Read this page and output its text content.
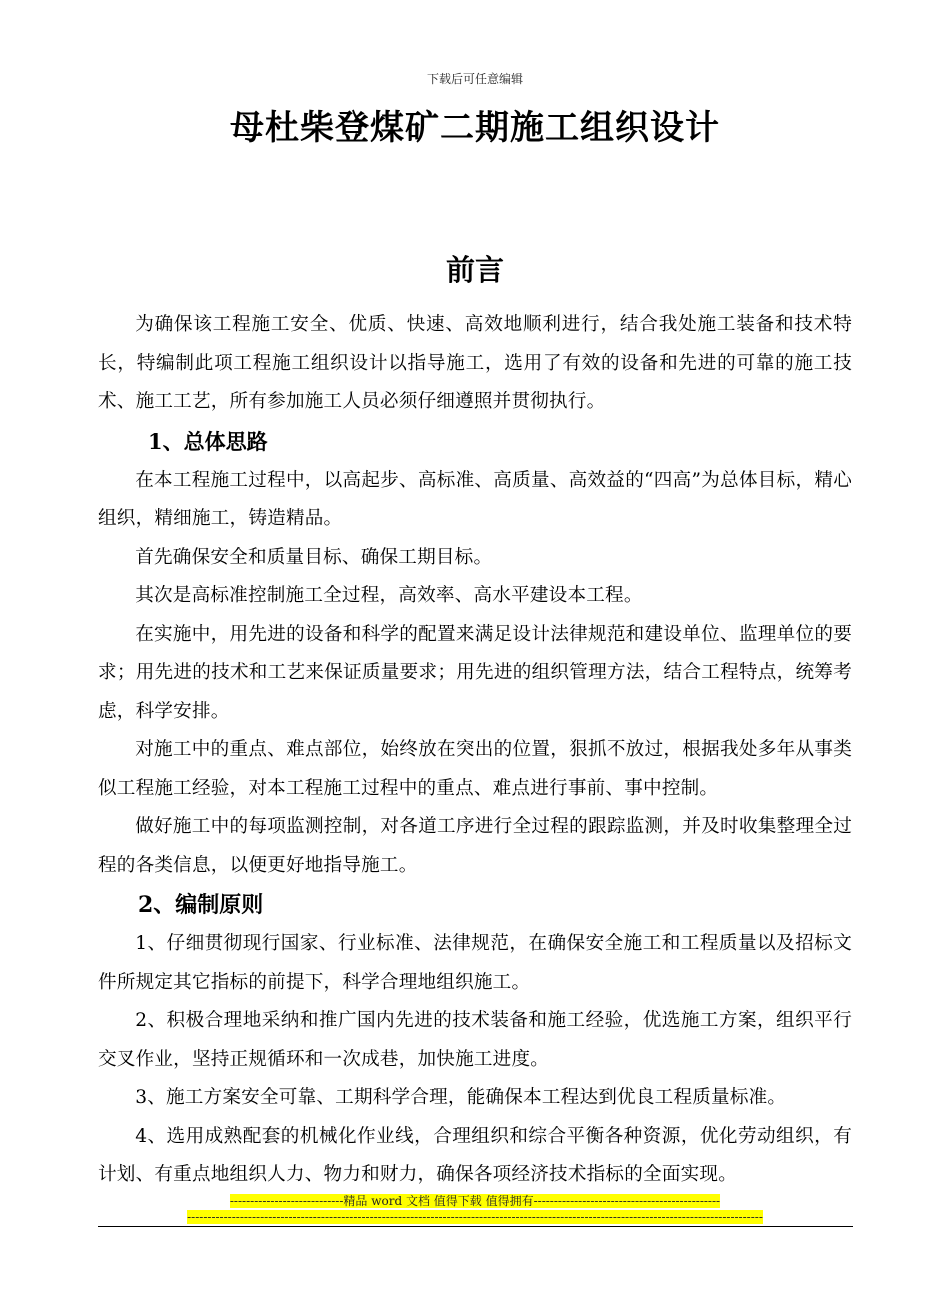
下载后可任意编辑
母杜柴登煤矿二期施工组织设计
前言

为确保该工程施工安全、优质、快速、高效地顺利进行，结合我处施工装备和技术特长，特编制此项工程施工组织设计以指导施工，选用了有效的设备和先进的可靠的施工技术、施工工艺，所有参加施工人员必须仔细遵照并贯彻执行。

1、总体思路

在本工程施工过程中，以高起步、高标准、高质量、高效益的“四高”为总体目标，精心组织，精细施工，铸造精品。

首先确保安全和质量目标、确保工期目标。

其次是高标准控制施工全过程，高效率、高水平建设本工程。

在实施中，用先进的设备和科学的配置来满足设计法律规范和建设单位、监理单位的要求；用先进的技术和工艺来保证质量要求；用先进的组织管理方法，结合工程特点，统筹考虑，科学安排。

对施工中的重点、难点部位，始终放在突出的位置，狠抓不放过，根据我处多年从事类似工程施工经验，对本工程施工过程中的重点、难点进行事前、事中控制。

做好施工中的每项监测控制，对各道工序进行全过程的跟踪监测，并及时收集整理全过程的各类信息，以便更好地指导施工。

2、编制原则

1、仔细贯彻现行国家、行业标准、法律规范，在确保安全施工和工程质量以及招标文件所规定其它指标的前提下，科学合理地组织施工。

2、积极合理地采纳和推广国内先进的技术装备和施工经验，优选施工方案，组织平行交叉作业，坚持正规循环和一次成巷，加快施工进度。

3、施工方案安全可靠、工期科学合理，能确保本工程达到优良工程质量标准。

4、选用成熟配套的机械化作业线，合理组织和综合平衡各种资源，优化劳动组织，有计划、有重点地组织人力、物力和财力，确保各项经济技术指标的全面实现。

----------------------------精品 word 文档 值得下载 值得拥有----------------------------------------------
----------------------------------------------------------------------------------------------------------------------------------------------
